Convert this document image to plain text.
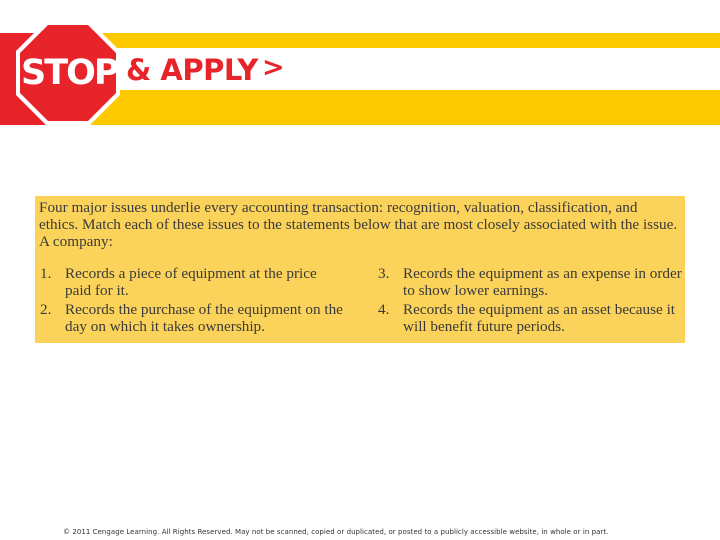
STOP & APPLY >

Four major issues underlie every accounting transaction: recognition, valuation, classification, and ethics. Match each of these issues to the statements below that are most closely associated with the issue. A company:

1. Records a piece of equipment at the price paid for it.
2. Records the purchase of the equipment on the day on which it takes ownership.
3. Records the equipment as an expense in order to show lower earnings.
4. Records the equipment as an asset because it will benefit future periods.
© 2011 Cengage Learning. All Rights Reserved. May not be scanned, copied or duplicated, or posted to a publicly accessible website, in whole or in part.
